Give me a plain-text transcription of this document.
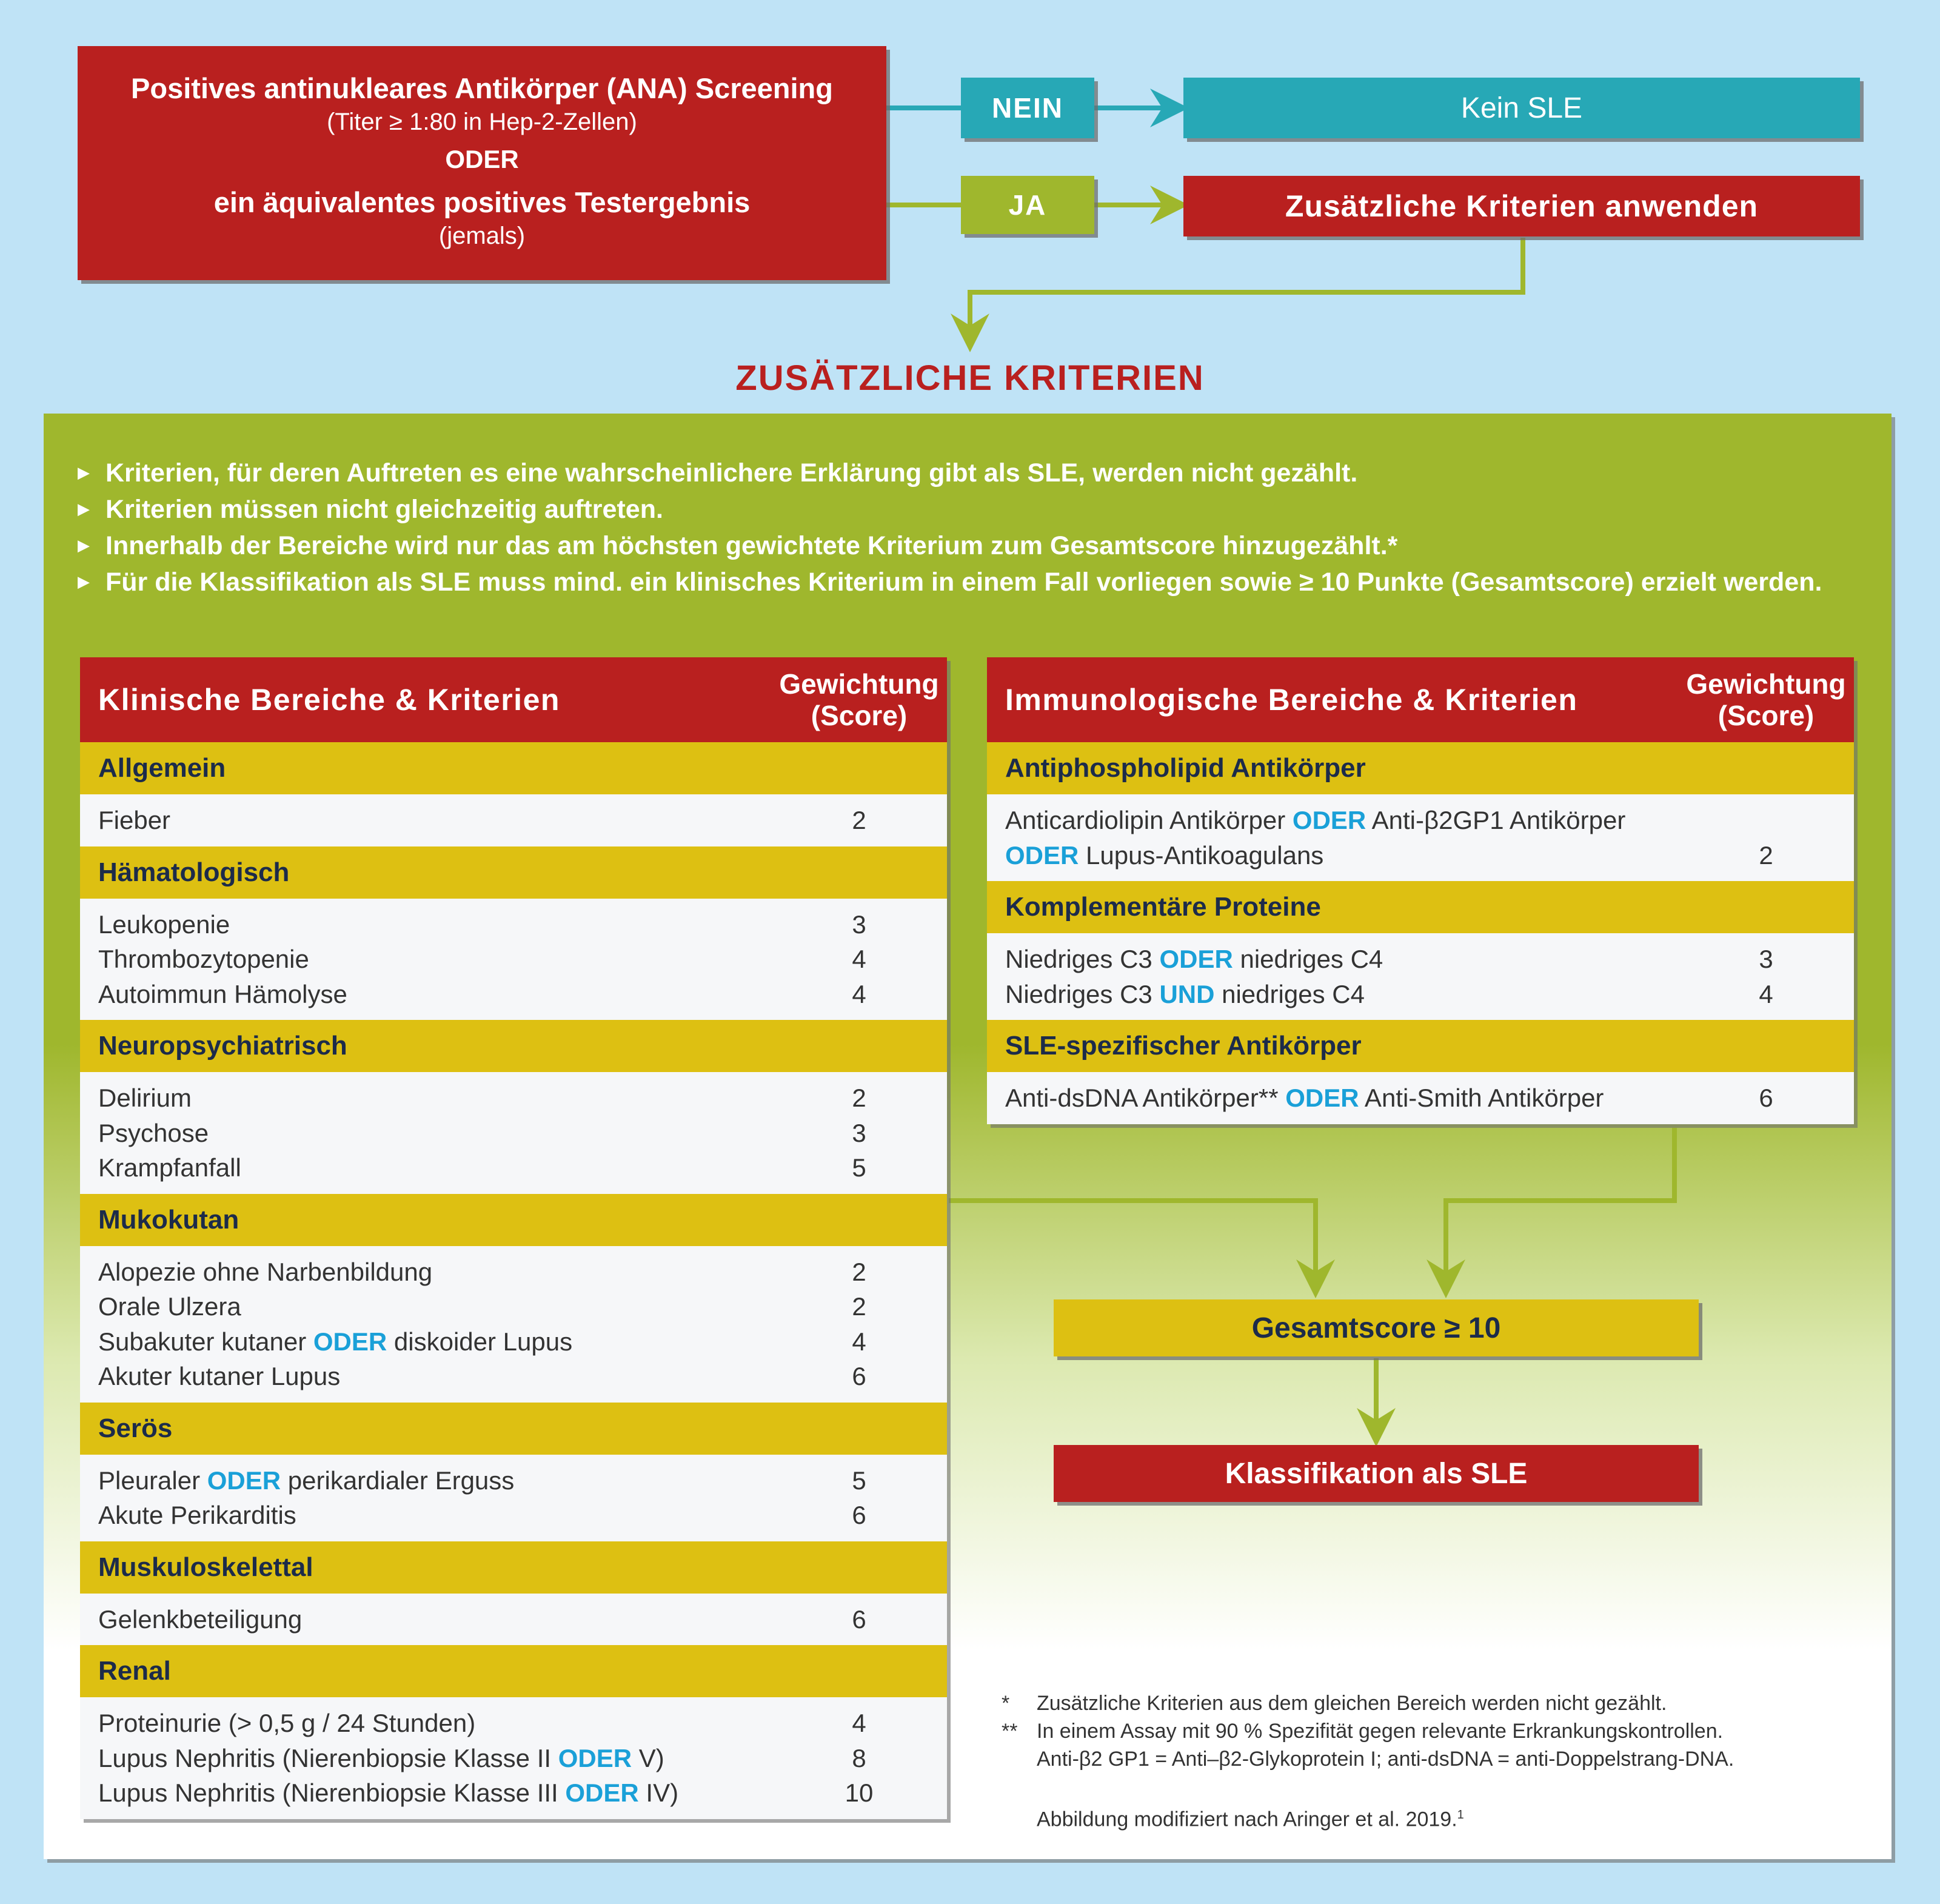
Positives antinukleares Antikörper (ANA) Screening
(Titer ≥ 1:80 in Hep-2-Zellen)
ODER
ein äquivalentes positives Testergebnis
(jemals)
NEIN	Kein SLE
JA	Zusätzliche Kriterien anwenden
ZUSÄTZLICHE KRITERIEN
▶ Kriterien, für deren Auftreten es eine wahrscheinlichere Erklärung gibt als SLE, werden nicht gezählt.
▶ Kriterien müssen nicht gleichzeitig auftreten.
▶ Innerhalb der Bereiche wird nur das am höchsten gewichtete Kriterium zum Gesamtscore hinzugezählt.*
▶ Für die Klassifikation als SLE muss mind. ein klinisches Kriterium in einem Fall vorliegen sowie ≥ 10 Punkte (Gesamtscore) erzielt werden.
Klinische Bereiche & Kriterien	Gewichtung
(Score)
Allgemein
Fieber	2
Hämatologisch
Leukopenie	3
Thrombozytopenie	4
Autoimmun Hämolyse	4
Neuropsychiatrisch
Delirium	2
Psychose	3
Krampfanfall	5
Mukokutan
Alopezie ohne Narbenbildung	2
Orale Ulzera	2
Subakuter kutaner ODER diskoider Lupus	4
Akuter kutaner Lupus	6
Serös
Pleuraler ODER perikardialer Erguss	5
Akute Perikarditis	6
Muskuloskelettal
Gelenkbeteiligung	6
Renal
Proteinurie (> 0,5 g / 24 Stunden)	4
Lupus Nephritis (Nierenbiopsie Klasse II ODER V)	8
Lupus Nephritis (Nierenbiopsie Klasse III ODER IV)	10
Immunologische Bereiche & Kriterien	Gewichtung
(Score)
Antiphospholipid Antikörper
Anticardiolipin Antikörper ODER Anti-β2GP1 Antikörper
ODER Lupus-Antikoagulans	2
Komplementäre Proteine
Niedriges C3 ODER niedriges C4	3
Niedriges C3 UND niedriges C4	4
SLE-spezifischer Antikörper
Anti-dsDNA Antikörper** ODER Anti-Smith Antikörper	6
Gesamtscore ≥ 10
Klassifikation als SLE
*	Zusätzliche Kriterien aus dem gleichen Bereich werden nicht gezählt.
** In einem Assay mit 90 % Spezifität gegen relevante Erkrankungskontrollen.
Anti-β2 GP1 = Anti–β2-Glykoprotein I; anti-dsDNA = anti-Doppelstrang-DNA.
Abbildung modifiziert nach Aringer et al. 2019.$^1$
